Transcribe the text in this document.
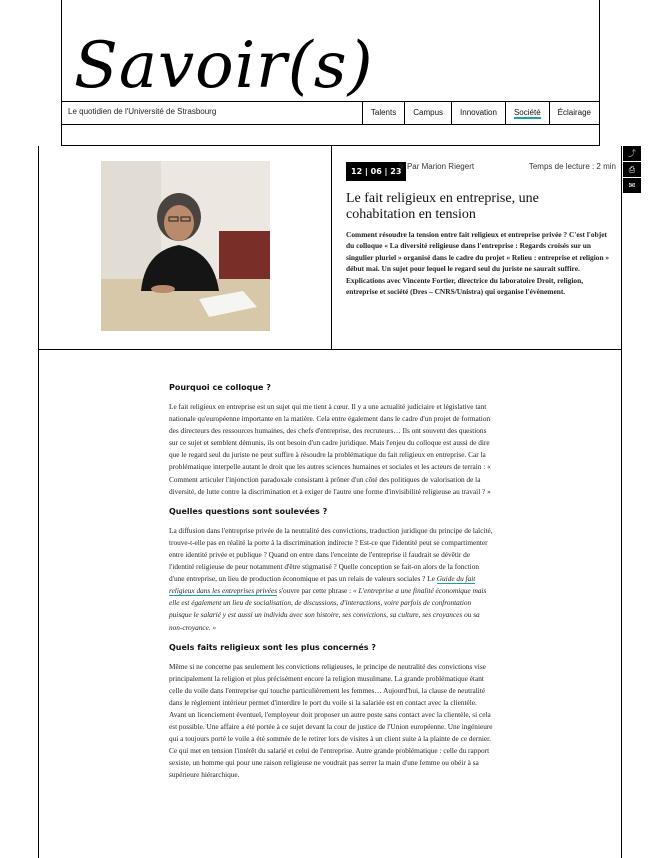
Savoir(s)
Le quotidien de l'Université de Strasbourg	Talents	Campus	Innovation	Société	Éclairage
⤴
⎙
✉
12 | 06 | 23
✎ Par Marion Riegert	Temps de lecture : 2 min
Le fait religieux en entreprise, une cohabitation en tension
Comment résoudre la tension entre fait religieux et entreprise privée ? C'est l'objet du colloque « La diversité religieuse dans l'entreprise : Regards croisés sur un singulier pluriel » organisé dans le cadre du projet « Relieu : entreprise et religion » début mai. Un sujet pour lequel le regard seul du juriste ne saurait suffire. Explications avec Vincente Fortier, directrice du laboratoire Droit, religion, entreprise et société (Dres – CNRS/Unistra) qui organise l'évènement.
Pourquoi ce colloque ?
Le fait religieux en entreprise est un sujet qui me tient à cœur. Il y a une actualité judiciaire et législative tant nationale qu'européenne importante en la matière. Cela entre également dans le cadre d'un projet de formation des directeurs des ressources humaines, des chefs d'entreprise, des recruteurs… Ils ont souvent des questions sur ce sujet et semblent démunis, ils ont besoin d'un cadre juridique. Mais l'enjeu du colloque est aussi de dire que le regard seul du juriste ne peut suffire à résoudre la problématique du fait religieux en entreprise. Car la problématique interpelle autant le droit que les autres sciences humaines et sociales et les acteurs de terrain : « Comment articuler l'injonction paradoxale consistant à prôner d'un côté des politiques de valorisation de la diversité, de lutte contre la discrimination et à exiger de l'autre une forme d'invisibilité religieuse au travail ? »
Quelles questions sont soulevées ?
La diffusion dans l'entreprise privée de la neutralité des convictions, traduction juridique du principe de laïcité, trouve-t-elle pas en réalité la porte à la discrimination indirecte ? Est-ce que l'identité peut se compartimenter entre identité privée et publique ? Quand on entre dans l'enceinte de l'entreprise il faudrait se dévêtir de l'identité religieuse de peur notamment d'être stigmatisé ? Quelle conception se fait-on alors de la fonction d'une entreprise, un lieu de production économique et pas un relais de valeurs sociales ? Le Guide du fait religieux dans les entreprises privées s'ouvre par cette phrase : « L'entreprise a une finalité économique mais elle est également un lieu de socialisation, de discussions, d'interactions, voire parfois de confrontation puisque le salarié y est aussi un individu avec son histoire, ses convictions, sa culture, ses croyances ou sa non-croyance. »
Quels faits religieux sont les plus concernés ?
Même si ne concerne pas seulement les convictions religieuses, le principe de neutralité des convictions vise principalement la religion et plus précisément encore la religion musulmane. La grande problématique étant celle du voile dans l'entreprise qui touche particulièrement les femmes… Aujourd'hui, la clause de neutralité dans le règlement intérieur permet d'interdire le port du voile si la salariée est en contact avec la clientèle. Avant un licenciement éventuel, l'employeur doit proposer un autre poste sans contact avec la clientèle, si cela est possible. Une affaire a été portée à ce sujet devant la cour de justice de l'Union européenne. Une ingénieure qui a toujours porté le voile a été sommée de le retirer lors de visites à un client suite à la plainte de ce dernier. Ce qui met en tension l'intérêt du salarié et celui de l'entreprise. Autre grande problématique : celle du rapport sexiste, un homme qui pour une raison religieuse ne voudrait pas serrer la main d'une femme ou obéir à sa supérieure hiérarchique.
